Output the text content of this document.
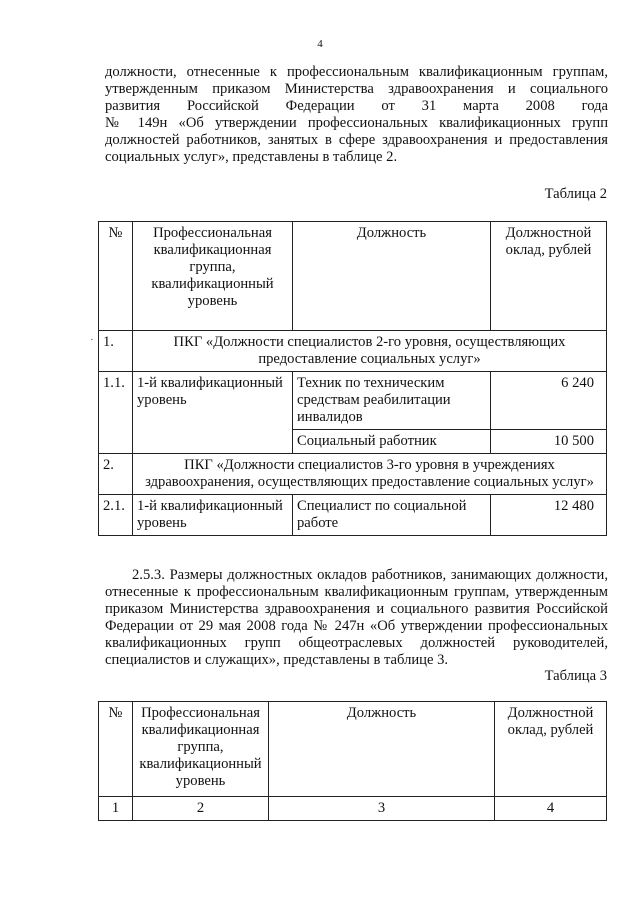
4
должности, отнесенные к профессиональным квалификационным группам,
утвержденным приказом Министерства здравоохранения и социального
развития Российской Федерации от 31 марта 2008 года
№ 149н «Об утверждении профессиональных квалификационных групп
должностей работников, занятых в сфере здравоохранения и предоставления
социальных услуг», представлены в таблице 2.
Таблица 2
№	Профессиональная квалификационная группа, квалификационный уровень	Должность	Должностной оклад, рублей
1.	ПКГ «Должности специалистов 2-го уровня, осуществляющих предоставление социальных услуг»		
1.1.	1-й квалификационный уровень	Техник по техническим средствам реабилитации инвалидов	6 240
		Социальный работник	10 500
2.	ПКГ «Должности специалистов 3-го уровня в учреждениях здравоохранения, осуществляющих предоставление социальных услуг»		
2.1.	1-й квалификационный уровень	Специалист по социальной работе	12 480
·
2.5.3. Размеры должностных окладов работников, занимающих должности,
отнесенные к профессиональным квалификационным группам, утвержденным
приказом Министерства здравоохранения и социального развития Российской
Федерации от 29 мая 2008 года № 247н «Об утверждении профессиональных
квалификационных групп общеотраслевых должностей руководителей,
специалистов и служащих», представлены в таблице 3.
Таблица 3
№	Профессиональная квалификационная группа, квалификационный уровень	Должность	Должностной оклад, рублей
1	2	3	4
